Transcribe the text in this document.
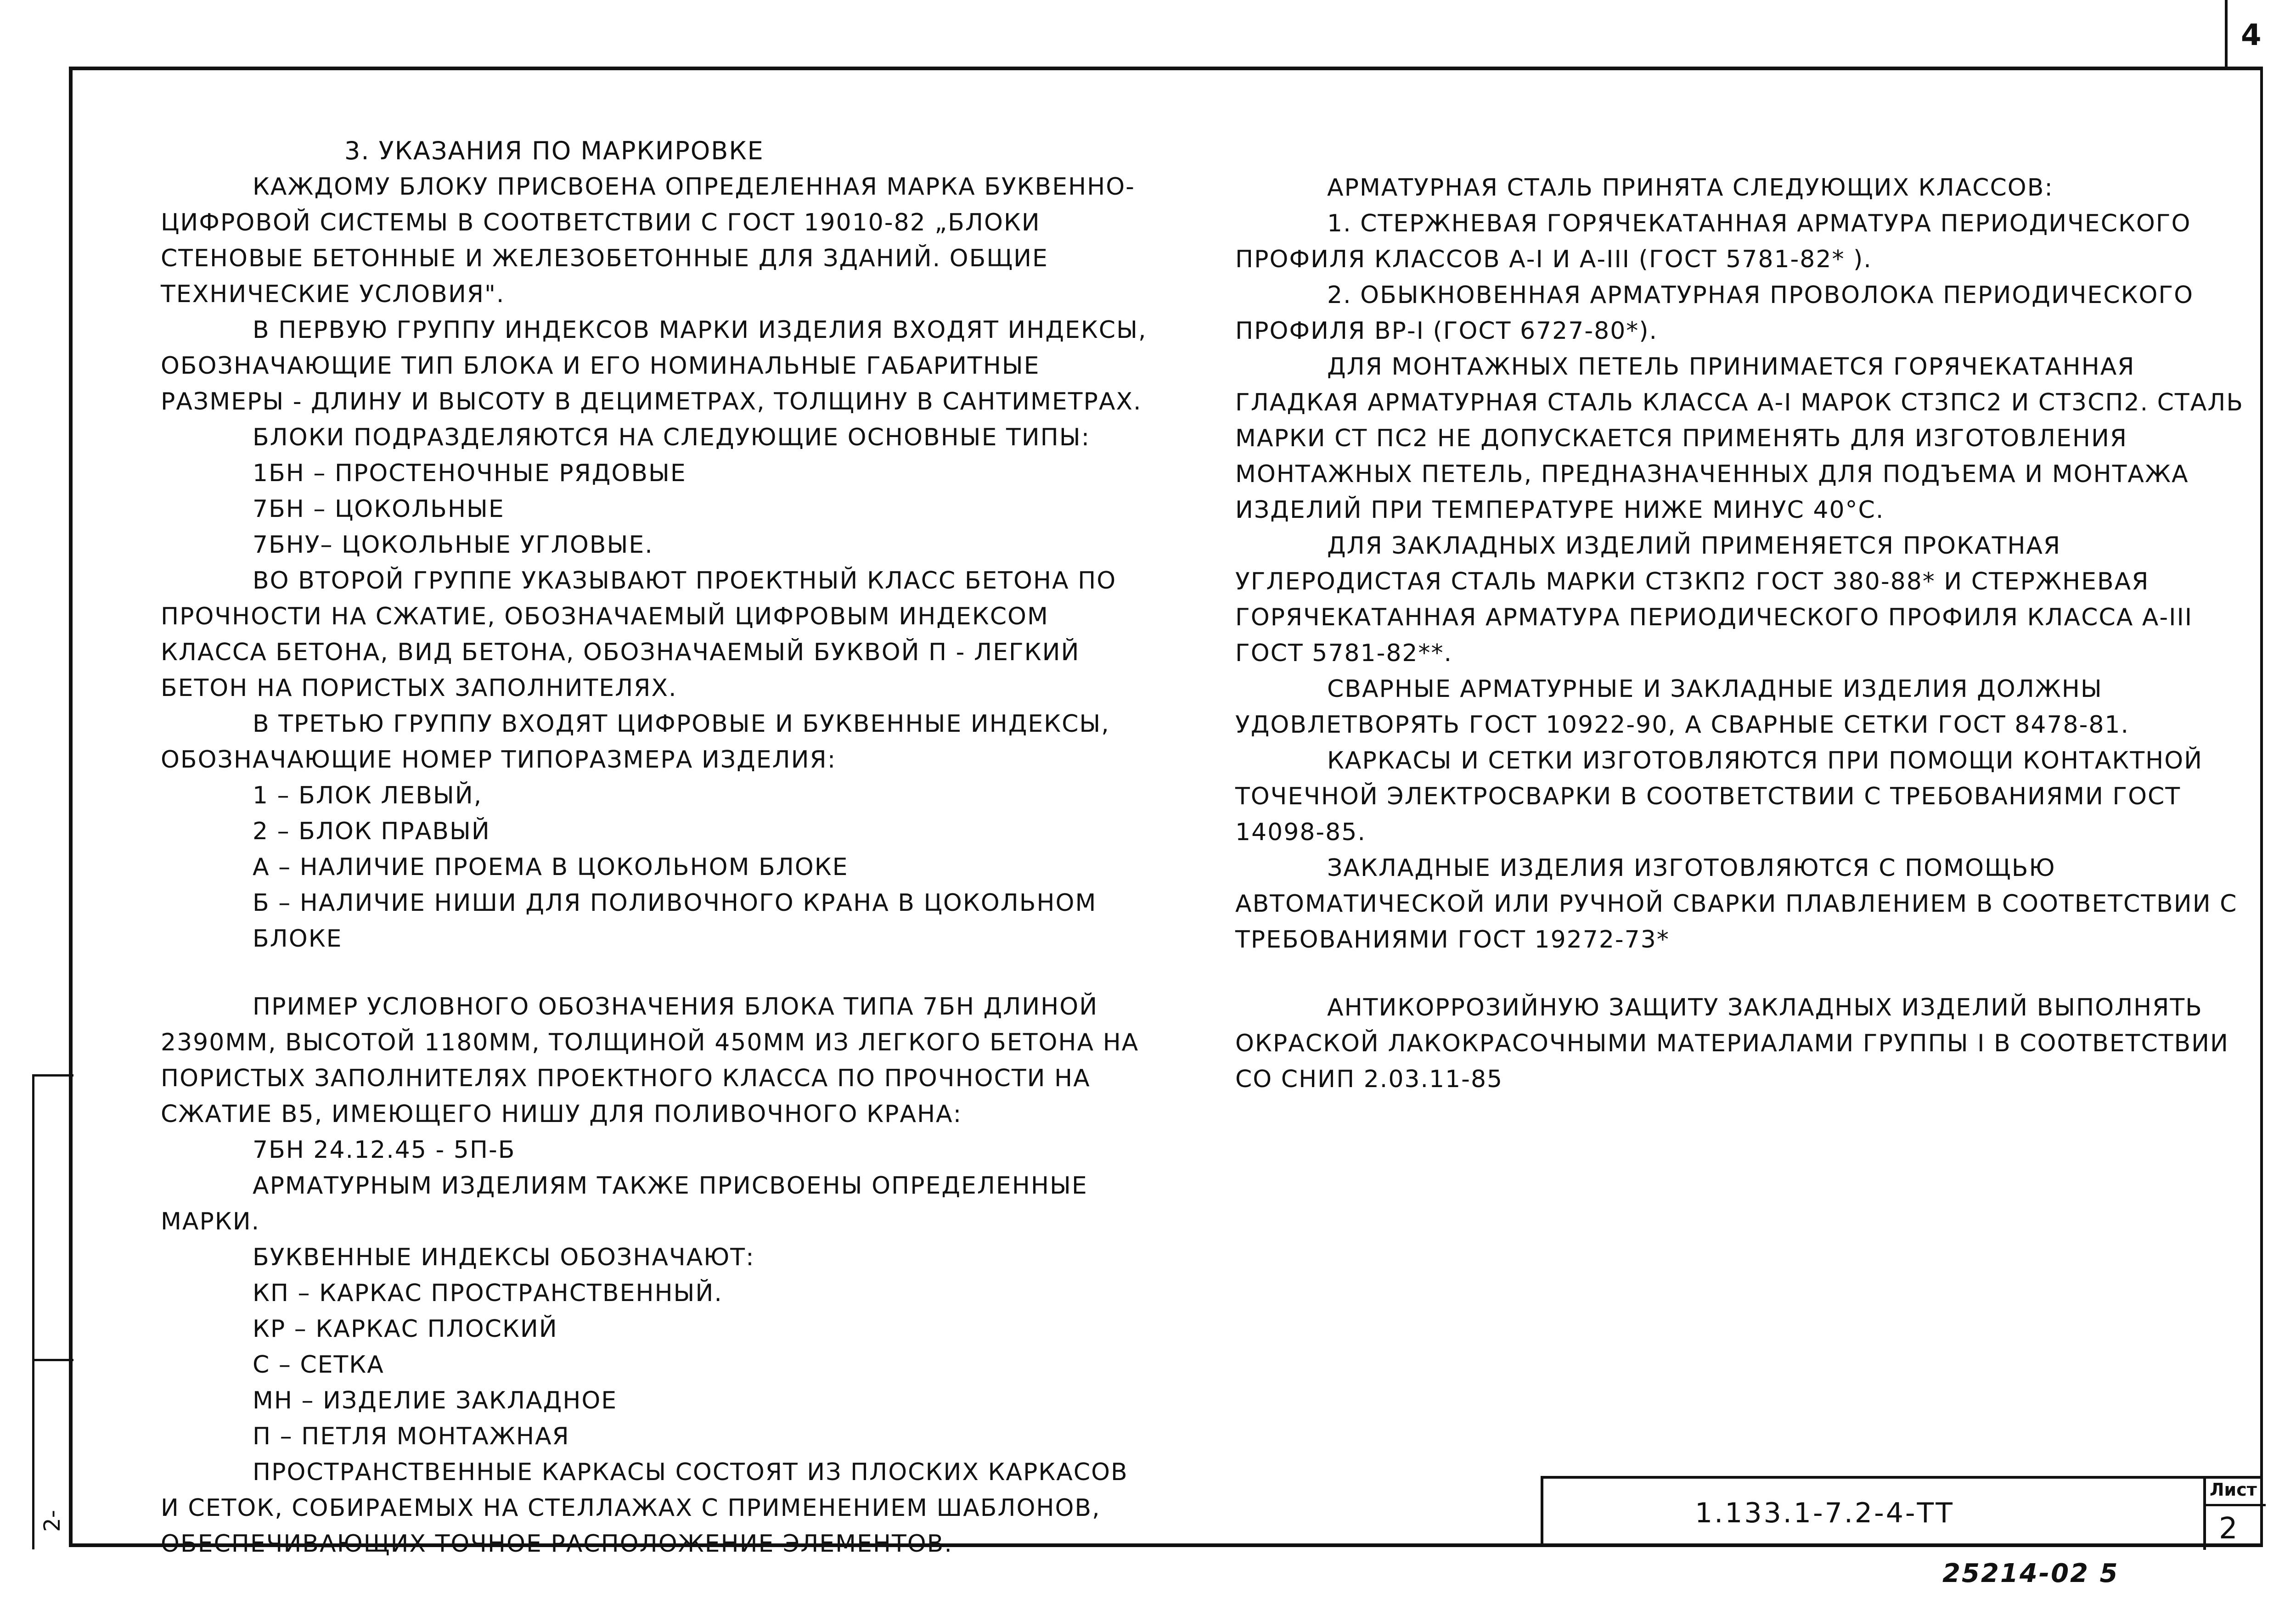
4
2-

3. УКАЗАНИЯ ПО МАРКИРОВКЕ

КАЖДОМУ БЛОКУ ПРИСВОЕНА ОПРЕДЕЛЕННАЯ МАРКА БУКВЕННО-ЦИФРОВОЙ СИСТЕМЫ В СООТВЕТСТВИИ С ГОСТ 19010-82 „БЛОКИ СТЕНОВЫЕ БЕТОННЫЕ И ЖЕЛЕЗОБЕТОННЫЕ ДЛЯ ЗДАНИЙ. ОБЩИЕ ТЕХНИЧЕСКИЕ УСЛОВИЯ".

В ПЕРВУЮ ГРУППУ ИНДЕКСОВ МАРКИ ИЗДЕЛИЯ ВХОДЯТ ИНДЕКСЫ, ОБОЗНАЧАЮЩИЕ ТИП БЛОКА И ЕГО НОМИНАЛЬНЫЕ ГАБАРИТНЫЕ РАЗМЕРЫ - ДЛИНУ И ВЫСОТУ В ДЕЦИМЕТРАХ, ТОЛЩИНУ В САНТИМЕТРАХ.

БЛОКИ ПОДРАЗДЕЛЯЮТСЯ НА СЛЕДУЮЩИЕ ОСНОВНЫЕ ТИПЫ:

1БН – ПРОСТЕНОЧНЫЕ РЯДОВЫЕ

7БН – ЦОКОЛЬНЫЕ

7БНУ– ЦОКОЛЬНЫЕ УГЛОВЫЕ.

ВО ВТОРОЙ ГРУППЕ УКАЗЫВАЮТ ПРОЕКТНЫЙ КЛАСС БЕТОНА ПО ПРОЧНОСТИ НА СЖАТИЕ, ОБОЗНАЧАЕМЫЙ ЦИФРОВЫМ ИНДЕКСОМ КЛАССА БЕТОНА, ВИД БЕТОНА, ОБОЗНАЧАЕМЫЙ БУКВОЙ П - ЛЕГКИЙ БЕТОН НА ПОРИСТЫХ ЗАПОЛНИТЕЛЯХ.

В ТРЕТЬЮ ГРУППУ ВХОДЯТ ЦИФРОВЫЕ И БУКВЕННЫЕ ИНДЕКСЫ, ОБОЗНАЧАЮЩИЕ НОМЕР ТИПОРАЗМЕРА ИЗДЕЛИЯ:

1 – БЛОК ЛЕВЫЙ,

2 – БЛОК ПРАВЫЙ

А – НАЛИЧИЕ ПРОЕМА В ЦОКОЛЬНОМ БЛОКЕ

Б – НАЛИЧИЕ НИШИ ДЛЯ ПОЛИВОЧНОГО КРАНА В ЦОКОЛЬНОМ БЛОКЕ

ПРИМЕР УСЛОВНОГО ОБОЗНАЧЕНИЯ БЛОКА ТИПА 7БН ДЛИНОЙ 2390ММ, ВЫСОТОЙ 1180ММ, ТОЛЩИНОЙ 450ММ ИЗ ЛЕГКОГО БЕТОНА НА ПОРИСТЫХ ЗАПОЛНИТЕЛЯХ ПРОЕКТНОГО КЛАССА ПО ПРОЧНОСТИ НА СЖАТИЕ В5, ИМЕЮЩЕГО НИШУ ДЛЯ ПОЛИВОЧНОГО КРАНА:

7БН 24.12.45 - 5П-Б

АРМАТУРНЫМ ИЗДЕЛИЯМ ТАКЖЕ ПРИСВОЕНЫ ОПРЕДЕЛЕННЫЕ МАРКИ.

БУКВЕННЫЕ ИНДЕКСЫ ОБОЗНАЧАЮТ:

КП – КАРКАС ПРОСТРАНСТВЕННЫЙ.

КР – КАРКАС ПЛОСКИЙ

С – СЕТКА

МН – ИЗДЕЛИЕ ЗАКЛАДНОЕ

П – ПЕТЛЯ МОНТАЖНАЯ

ПРОСТРАНСТВЕННЫЕ КАРКАСЫ СОСТОЯТ ИЗ ПЛОСКИХ КАРКАСОВ И СЕТОК, СОБИРАЕМЫХ НА СТЕЛЛАЖАХ С ПРИМЕНЕНИЕМ ШАБЛОНОВ, ОБЕСПЕЧИВАЮЩИХ ТОЧНОЕ РАСПОЛОЖЕНИЕ ЭЛЕМЕНТОВ.

АРМАТУРНАЯ СТАЛЬ ПРИНЯТА СЛЕДУЮЩИХ КЛАССОВ:

1. СТЕРЖНЕВАЯ ГОРЯЧЕКАТАННАЯ АРМАТУРА ПЕРИОДИЧЕСКОГО ПРОФИЛЯ КЛАССОВ А-I И А-III (ГОСТ 5781-82* ).

2. ОБЫКНОВЕННАЯ АРМАТУРНАЯ ПРОВОЛОКА ПЕРИОДИЧЕСКОГО ПРОФИЛЯ ВР-I (ГОСТ 6727-80*).

ДЛЯ МОНТАЖНЫХ ПЕТЕЛЬ ПРИНИМАЕТСЯ ГОРЯЧЕКАТАННАЯ ГЛАДКАЯ АРМАТУРНАЯ СТАЛЬ КЛАССА А-I МАРОК СТ3ПС2 И СТ3СП2. СТАЛЬ МАРКИ СТ ПС2 НЕ ДОПУСКАЕТСЯ ПРИМЕНЯТЬ ДЛЯ ИЗГОТОВЛЕНИЯ МОНТАЖНЫХ ПЕТЕЛЬ, ПРЕДНАЗНАЧЕННЫХ ДЛЯ ПОДЪЕМА И МОНТАЖА ИЗДЕЛИЙ ПРИ ТЕМПЕРАТУРЕ НИЖЕ МИНУС 40°С.

ДЛЯ ЗАКЛАДНЫХ ИЗДЕЛИЙ ПРИМЕНЯЕТСЯ ПРОКАТНАЯ УГЛЕРОДИСТАЯ СТАЛЬ МАРКИ СТ3КП2 ГОСТ 380-88* И СТЕРЖНЕВАЯ ГОРЯЧЕКАТАННАЯ АРМАТУРА ПЕРИОДИЧЕСКОГО ПРОФИЛЯ КЛАССА А-III ГОСТ 5781-82**.

СВАРНЫЕ АРМАТУРНЫЕ И ЗАКЛАДНЫЕ ИЗДЕЛИЯ ДОЛЖНЫ УДОВЛЕТВОРЯТЬ ГОСТ 10922-90, А СВАРНЫЕ СЕТКИ ГОСТ 8478-81.

КАРКАСЫ И СЕТКИ ИЗГОТОВЛЯЮТСЯ ПРИ ПОМОЩИ КОНТАКТНОЙ ТОЧЕЧНОЙ ЭЛЕКТРОСВАРКИ В СООТВЕТСТВИИ С ТРЕБОВАНИЯМИ ГОСТ 14098-85.

ЗАКЛАДНЫЕ ИЗДЕЛИЯ ИЗГОТОВЛЯЮТСЯ С ПОМОЩЬЮ АВТОМАТИЧЕСКОЙ ИЛИ РУЧНОЙ СВАРКИ ПЛАВЛЕНИЕМ В СООТВЕТСТВИИ С ТРЕБОВАНИЯМИ ГОСТ 19272-73*

АНТИКОРРОЗИЙНУЮ ЗАЩИТУ ЗАКЛАДНЫХ ИЗДЕЛИЙ ВЫПОЛНЯТЬ ОКРАСКОЙ ЛАКОКРАСОЧНЫМИ МАТЕРИАЛАМИ ГРУППЫ I В СООТВЕТСТВИИ СО СНИП 2.03.11-85

1.133.1-7.2-4-ТТ
Лист
2
25214-02 5
